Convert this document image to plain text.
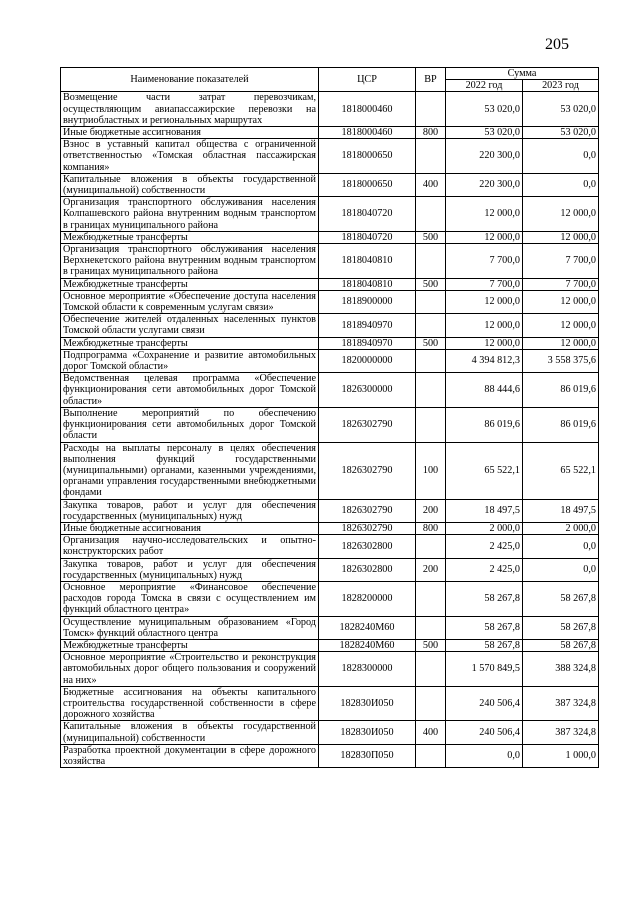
205
Наименование показателей	ЦСР	ВР	Сумма	
			2022 год	2023 год
Возмещение части затрат перевозчикам, осуществляющим авиапассажирские перевозки на внутриобластных и региональных маршрутах	1818000460		53 020,0	53 020,0
Иные бюджетные ассигнования	1818000460	800	53 020,0	53 020,0
Взнос в уставный капитал общества с ограниченной ответственностью «Томская областная пассажирская компания»	1818000650		220 300,0	0,0
Капитальные вложения в объекты государственной (муниципальной) собственности	1818000650	400	220 300,0	0,0
Организация транспортного обслуживания населения Колпашевского района внутренним водным транспортом в границах муниципального района	1818040720		12 000,0	12 000,0
Межбюджетные трансферты	1818040720	500	12 000,0	12 000,0
Организация транспортного обслуживания населения Верхнекетского района внутренним водным транспортом в границах муниципального района	1818040810		7 700,0	7 700,0
Межбюджетные трансферты	1818040810	500	7 700,0	7 700,0
Основное мероприятие «Обеспечение доступа населения Томской области к современным услугам связи»	1818900000		12 000,0	12 000,0
Обеспечение жителей отдаленных населенных пунктов Томской области услугами связи	1818940970		12 000,0	12 000,0
Межбюджетные трансферты	1818940970	500	12 000,0	12 000,0
Подпрограмма «Сохранение и развитие автомобильных дорог Томской области»	1820000000		4 394 812,3	3 558 375,6
Ведомственная целевая программа «Обеспечение функционирования сети автомобильных дорог Томской области»	1826300000		88 444,6	86 019,6
Выполнение мероприятий по обеспечению функционирования сети автомобильных дорог Томской области	1826302790		86 019,6	86 019,6
Расходы на выплаты персоналу в целях обеспечения выполнения функций государственными (муниципальными) органами, казенными учреждениями, органами управления государственными внебюджетными фондами	1826302790	100	65 522,1	65 522,1
Закупка товаров, работ и услуг для обеспечения государственных (муниципальных) нужд	1826302790	200	18 497,5	18 497,5
Иные бюджетные ассигнования	1826302790	800	2 000,0	2 000,0
Организация научно-исследовательских и опытно-конструкторских работ	1826302800		2 425,0	0,0
Закупка товаров, работ и услуг для обеспечения государственных (муниципальных) нужд	1826302800	200	2 425,0	0,0
Основное мероприятие «Финансовое обеспечение расходов города Томска в связи с осуществлением им функций областного центра»	1828200000		58 267,8	58 267,8
Осуществление муниципальным образованием «Город Томск» функций областного центра	1828240М60		58 267,8	58 267,8
Межбюджетные трансферты	1828240М60	500	58 267,8	58 267,8
Основное мероприятие «Строительство и реконструкция автомобильных дорог общего пользования и сооружений на них»	1828300000		1 570 849,5	388 324,8
Бюджетные ассигнования на объекты капитального строительства государственной собственности в сфере дорожного хозяйства	182830И050		240 506,4	387 324,8
Капитальные вложения в объекты государственной (муниципальной) собственности	182830И050	400	240 506,4	387 324,8
Разработка проектной документации в сфере дорожного хозяйства	182830П050		0,0	1 000,0
